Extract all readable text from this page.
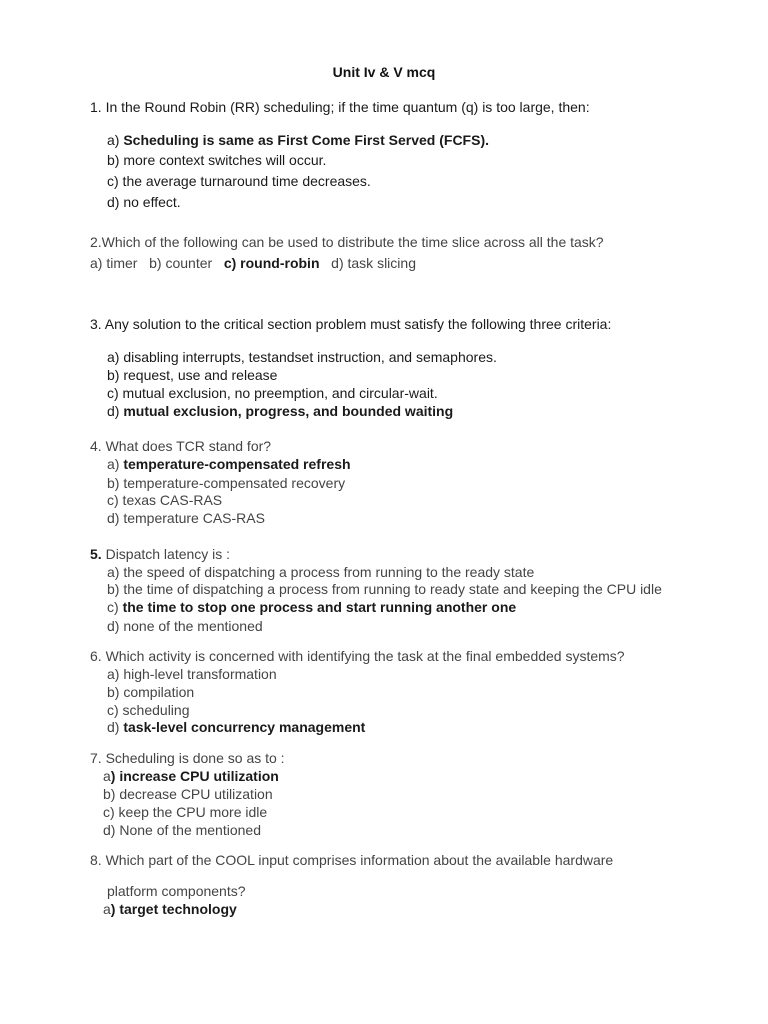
Unit Iv & V mcq
1. In the Round Robin (RR) scheduling; if the time quantum (q) is too large, then:
a) Scheduling is same as First Come First Served (FCFS).
b) more context switches will occur.
c) the average turnaround time decreases.
d) no effect.
2.Which of the following can be used to distribute the time slice across all the task?
a) timer b) counter c) round-robin d) task slicing
3. Any solution to the critical section problem must satisfy the following three criteria:
a) disabling interrupts, testandset instruction, and semaphores.
b) request, use and release
c) mutual exclusion, no preemption, and circular-wait.
d) mutual exclusion, progress, and bounded waiting
4. What does TCR stand for?
a) temperature-compensated refresh
b) temperature-compensated recovery
c) texas CAS-RAS
d) temperature CAS-RAS
5. Dispatch latency is :
a) the speed of dispatching a process from running to the ready state
b) the time of dispatching a process from running to ready state and keeping the CPU idle
c) the time to stop one process and start running another one
d) none of the mentioned
6. Which activity is concerned with identifying the task at the final embedded systems?
a) high-level transformation
b) compilation
c) scheduling
d) task-level concurrency management
7. Scheduling is done so as to :
a) increase CPU utilization
b) decrease CPU utilization
c) keep the CPU more idle
d) None of the mentioned
8. Which part of the COOL input comprises information about the available hardware
platform components?
a) target technology
